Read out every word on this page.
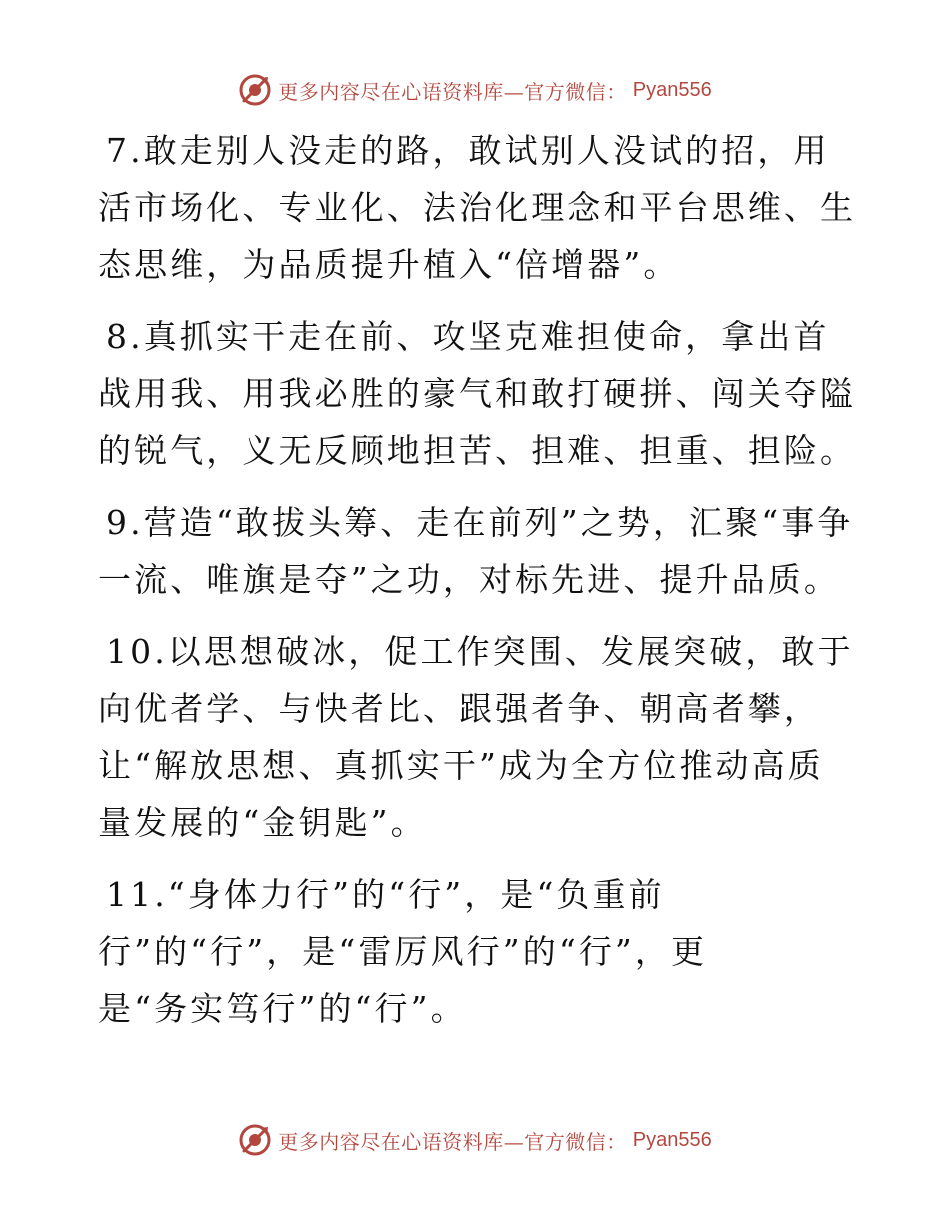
更多内容尽在心语资料库—官方微信： Pyan556

7.敢走别人没走的路，敢试别人没试的招，用活市场化、专业化、法治化理念和平台思维、生态思维，为品质提升植入“倍增器”。

8.真抓实干走在前、攻坚克难担使命，拿出首战用我、用我必胜的豪气和敢打硬拼、闯关夺隘的锐气，义无反顾地担苦、担难、担重、担险。

9.营造“敢拔头筹、走在前列”之势，汇聚“事争一流、唯旗是夺”之功，对标先进、提升品质。

10.以思想破冰，促工作突围、发展突破，敢于向优者学、与快者比、跟强者争、朝高者攀，让“解放思想、真抓实干”成为全方位推动高质量发展的“金钥匙”。

11.“身体力行”的“行”，是“负重前行”的“行”，是“雷厉风行”的“行”，更是“务实笃行”的“行”。

更多内容尽在心语资料库—官方微信： Pyan556
